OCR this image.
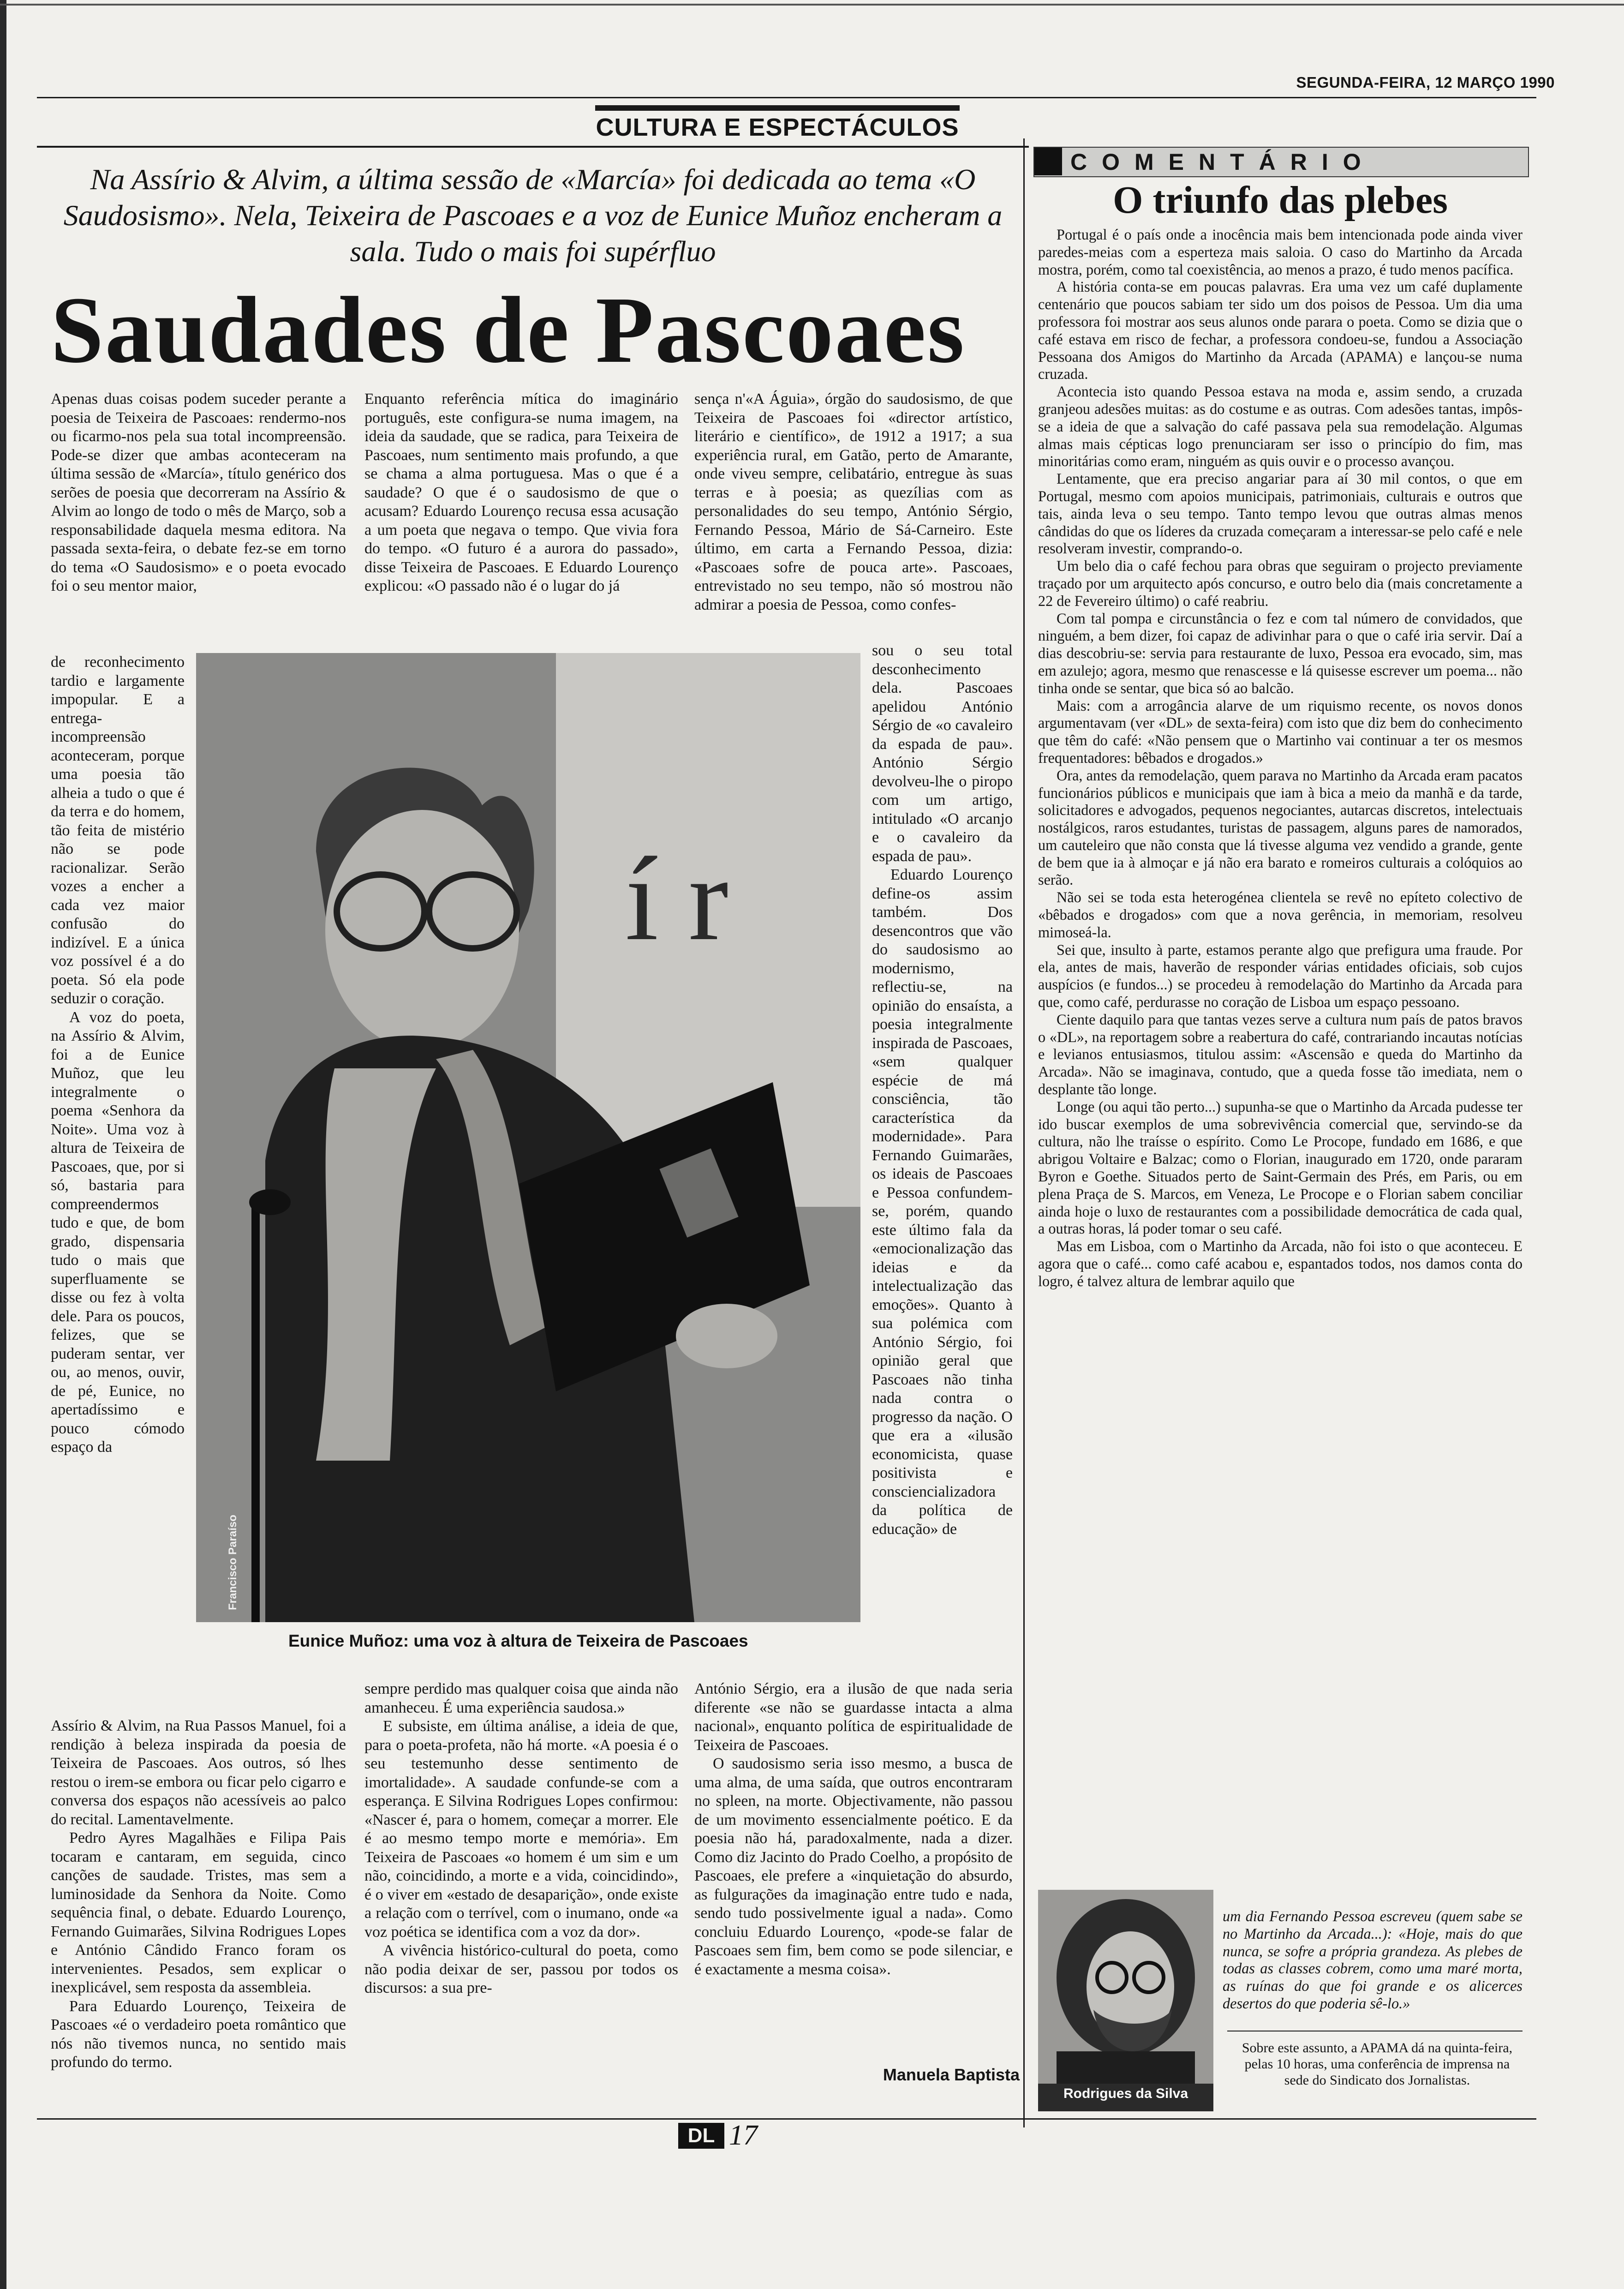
SEGUNDA-FEIRA, 12 MARÇO 1990
CULTURA E ESPECTÁCULOS
Na Assírio & Alvim, a última sessão de «Marcía» foi dedicada ao tema «O Saudosismo». Nela, Teixeira de Pascoaes e a voz de Eunice Muñoz encheram a sala. Tudo o mais foi supérfluo
Saudades de Pascoaes

Apenas duas coisas podem suceder perante a poesia de Teixeira de Pascoaes: rendermo-nos ou ficarmo-nos pela sua total incompreensão. Pode-se dizer que ambas aconteceram na última sessão de «Marcía», título genérico dos serões de poesia que decorreram na Assírio & Alvim ao longo de todo o mês de Março, sob a responsabilidade daquela mesma editora. Na passada sexta-feira, o debate fez-se em torno do tema «O Saudosismo» e o poeta evocado foi o seu mentor maior,

de reconhecimento tardio e largamente impopular. E a entrega-incompreensão aconteceram, porque uma poesia tão alheia a tudo o que é da terra e do homem, tão feita de mistério não se pode racionalizar. Serão vozes a encher a cada vez maior confusão do indizível. E a única voz possível é a do poeta. Só ela pode seduzir o coração.

A voz do poeta, na Assírio & Alvim, foi a de Eunice Muñoz, que leu integralmente o poema «Senhora da Noite». Uma voz à altura de Teixeira de Pascoaes, que, por si só, bastaria para compreendermos tudo e que, de bom grado, dispensaria tudo o mais que superfluamente se disse ou fez à volta dele. Para os poucos, felizes, que se puderam sentar, ver ou, ao menos, ouvir, de pé, Eunice, no apertadíssimo e pouco cómodo espaço da

Assírio & Alvim, na Rua Passos Manuel, foi a rendição à beleza inspirada da poesia de Teixeira de Pascoaes. Aos outros, só lhes restou o irem-se embora ou ficar pelo cigarro e conversa dos espaços não acessíveis ao palco do recital. Lamentavelmente.

Pedro Ayres Magalhães e Filipa Pais tocaram e cantaram, em seguida, cinco canções de saudade. Tristes, mas sem a luminosidade da Senhora da Noite. Como sequência final, o debate. Eduardo Lourenço, Fernando Guimarães, Silvina Rodrigues Lopes e António Cândido Franco foram os intervenientes. Pesados, sem explicar o inexplicável, sem resposta da assembleia.

Para Eduardo Lourenço, Teixeira de Pascoaes «é o verdadeiro poeta romântico que nós não tivemos nunca, no sentido mais profundo do termo.

Enquanto referência mítica do imaginário português, este configura-se numa imagem, na ideia da saudade, que se radica, para Teixeira de Pascoaes, num sentimento mais profundo, a que se chama a alma portuguesa. Mas o que é a saudade? O que é o saudosismo de que o acusam? Eduardo Lourenço recusa essa acusação a um poeta que negava o tempo. Que vivia fora do tempo. «O futuro é a aurora do passado», disse Teixeira de Pascoaes. E Eduardo Lourenço explicou: «O passado não é o lugar do já

sempre perdido mas qualquer coisa que ainda não amanheceu. É uma experiência saudosa.»

E subsiste, em última análise, a ideia de que, para o poeta-profeta, não há morte. «A poesia é o seu testemunho desse sentimento de imortalidade». A saudade confunde-se com a esperança. E Silvina Rodrigues Lopes confirmou: «Nascer é, para o homem, começar a morrer. Ele é ao mesmo tempo morte e memória». Em Teixeira de Pascoaes «o homem é um sim e um não, coincidindo, a morte e a vida, coincidindo», é o viver em «estado de desaparição», onde existe a relação com o terrível, com o inumano, onde «a voz poética se identifica com a voz da dor».

A vivência histórico-cultural do poeta, como não podia deixar de ser, passou por todos os discursos: a sua pre-

sença n'«A Águia», órgão do saudosismo, de que Teixeira de Pascoaes foi «director artístico, literário e científico», de 1912 a 1917; a sua experiência rural, em Gatão, perto de Amarante, onde viveu sempre, celibatário, entregue às suas terras e à poesia; as quezílias com as personalidades do seu tempo, António Sérgio, Fernando Pessoa, Mário de Sá-Carneiro. Este último, em carta a Fernando Pessoa, dizia: «Pascoaes sofre de pouca arte». Pascoaes, entrevistado no seu tempo, não só mostrou não admirar a poesia de Pessoa, como confes-

sou o seu total desconhecimento dela. Pascoaes apelidou António Sérgio de «o cavaleiro da espada de pau». António Sérgio devolveu-lhe o piropo com um artigo, intitulado «O arcanjo e o cavaleiro da espada de pau».

Eduardo Lourenço define-os assim também. Dos desencontros que vão do saudosismo ao modernismo, reflectiu-se, na opinião do ensaísta, a poesia integralmente inspirada de Pascoaes, «sem qualquer espécie de má consciência, tão característica da modernidade». Para Fernando Guimarães, os ideais de Pascoaes e Pessoa confundem-se, porém, quando este último fala da «emocionalização das ideias e da intelectualização das emoções». Quanto à sua polémica com António Sérgio, foi opinião geral que Pascoaes não tinha nada contra o progresso da nação. O que era a «ilusão economicista, quase positivista e consciencializadora da política de educação» de

António Sérgio, era a ilusão de que nada seria diferente «se não se guardasse intacta a alma nacional», enquanto política de espiritualidade de Teixeira de Pascoaes.

O saudosismo seria isso mesmo, a busca de uma alma, de uma saída, que outros encontraram no spleen, na morte. Objectivamente, não passou de um movimento essencialmente poético. E da poesia não há, paradoxalmente, nada a dizer. Como diz Jacinto do Prado Coelho, a propósito de Pascoaes, ele prefere a «inquietação do absurdo, as fulgurações da imaginação entre tudo e nada, sendo tudo possivelmente igual a nada». Como concluiu Eduardo Lourenço, «pode-se falar de Pascoaes sem fim, bem como se pode silenciar, e é exactamente a mesma coisa».

Manuela Baptista
í r
Francisco Paraíso
Eunice Muñoz: uma voz à altura de Teixeira de Pascoaes
COMENTÁRIO
O triunfo das plebes

Portugal é o país onde a inocência mais bem intencionada pode ainda viver paredes-meias com a esperteza mais saloia. O caso do Martinho da Arcada mostra, porém, como tal coexistência, ao menos a prazo, é tudo menos pacífica.

A história conta-se em poucas palavras. Era uma vez um café duplamente centenário que poucos sabiam ter sido um dos poisos de Pessoa. Um dia uma professora foi mostrar aos seus alunos onde parara o poeta. Como se dizia que o café estava em risco de fechar, a professora condoeu-se, fundou a Associação Pessoana dos Amigos do Martinho da Arcada (APAMA) e lançou-se numa cruzada.

Acontecia isto quando Pessoa estava na moda e, assim sendo, a cruzada granjeou adesões muitas: as do costume e as outras. Com adesões tantas, impôs-se a ideia de que a salvação do café passava pela sua remodelação. Algumas almas mais cépticas logo prenunciaram ser isso o princípio do fim, mas minoritárias como eram, ninguém as quis ouvir e o processo avançou.

Lentamente, que era preciso angariar para aí 30 mil contos, o que em Portugal, mesmo com apoios municipais, patrimoniais, culturais e outros que tais, ainda leva o seu tempo. Tanto tempo levou que outras almas menos cândidas do que os líderes da cruzada começaram a interessar-se pelo café e nele resolveram investir, comprando-o.

Um belo dia o café fechou para obras que seguiram o projecto previamente traçado por um arquitecto após concurso, e outro belo dia (mais concretamente a 22 de Fevereiro último) o café reabriu.

Com tal pompa e circunstância o fez e com tal número de convidados, que ninguém, a bem dizer, foi capaz de adivinhar para o que o café iria servir. Daí a dias descobriu-se: servia para restaurante de luxo, Pessoa era evocado, sim, mas em azulejo; agora, mesmo que renascesse e lá quisesse escrever um poema... não tinha onde se sentar, que bica só ao balcão.

Mais: com a arrogância alarve de um riquismo recente, os novos donos argumentavam (ver «DL» de sexta-feira) com isto que diz bem do conhecimento que têm do café: «Não pensem que o Martinho vai continuar a ter os mesmos frequentadores: bêbados e drogados.»

Ora, antes da remodelação, quem parava no Martinho da Arcada eram pacatos funcionários públicos e municipais que iam à bica a meio da manhã e da tarde, solicitadores e advogados, pequenos negociantes, autarcas discretos, intelectuais nostálgicos, raros estudantes, turistas de passagem, alguns pares de namorados, um cauteleiro que não consta que lá tivesse alguma vez vendido a grande, gente de bem que ia à almoçar e já não era barato e romeiros culturais a colóquios ao serão.

Não sei se toda esta heterogénea clientela se revê no epíteto colectivo de «bêbados e drogados» com que a nova gerência, in memoriam, resolveu mimoseá-la.

Sei que, insulto à parte, estamos perante algo que prefigura uma fraude. Por ela, antes de mais, haverão de responder várias entidades oficiais, sob cujos auspícios (e fundos...) se procedeu à remodelação do Martinho da Arcada para que, como café, perdurasse no coração de Lisboa um espaço pessoano.

Ciente daquilo para que tantas vezes serve a cultura num país de patos bravos o «DL», na reportagem sobre a reabertura do café, contrariando incautas notícias e levianos entusiasmos, titulou assim: «Ascensão e queda do Martinho da Arcada». Não se imaginava, contudo, que a queda fosse tão imediata, nem o desplante tão longe.

Longe (ou aqui tão perto...) supunha-se que o Martinho da Arcada pudesse ter ido buscar exemplos de uma sobrevivência comercial que, servindo-se da cultura, não lhe traísse o espírito. Como Le Procope, fundado em 1686, e que abrigou Voltaire e Balzac; como o Florian, inaugurado em 1720, onde pararam Byron e Goethe. Situados perto de Saint-Germain des Prés, em Paris, ou em plena Praça de S. Marcos, em Veneza, Le Procope e o Florian sabem conciliar ainda hoje o luxo de restaurantes com a possibilidade democrática de cada qual, a outras horas, lá poder tomar o seu café.

Mas em Lisboa, com o Martinho da Arcada, não foi isto o que aconteceu. E agora que o café... como café acabou e, espantados todos, nos damos conta do logro, é talvez altura de lembrar aquilo que

Rodrigues da Silva

um dia Fernando Pessoa escreveu (quem sabe se no Martinho da Arcada...): «Hoje, mais do que nunca, se sofre a própria grandeza. As plebes de todas as classes cobrem, como uma maré morta, as ruínas do que foi grande e os alicerces desertos do que poderia sê-lo.»

Sobre este assunto, a APAMA dá na quinta-feira, pelas 10 horas, uma conferência de imprensa na sede do Sindicato dos Jornalistas.

DL 17
